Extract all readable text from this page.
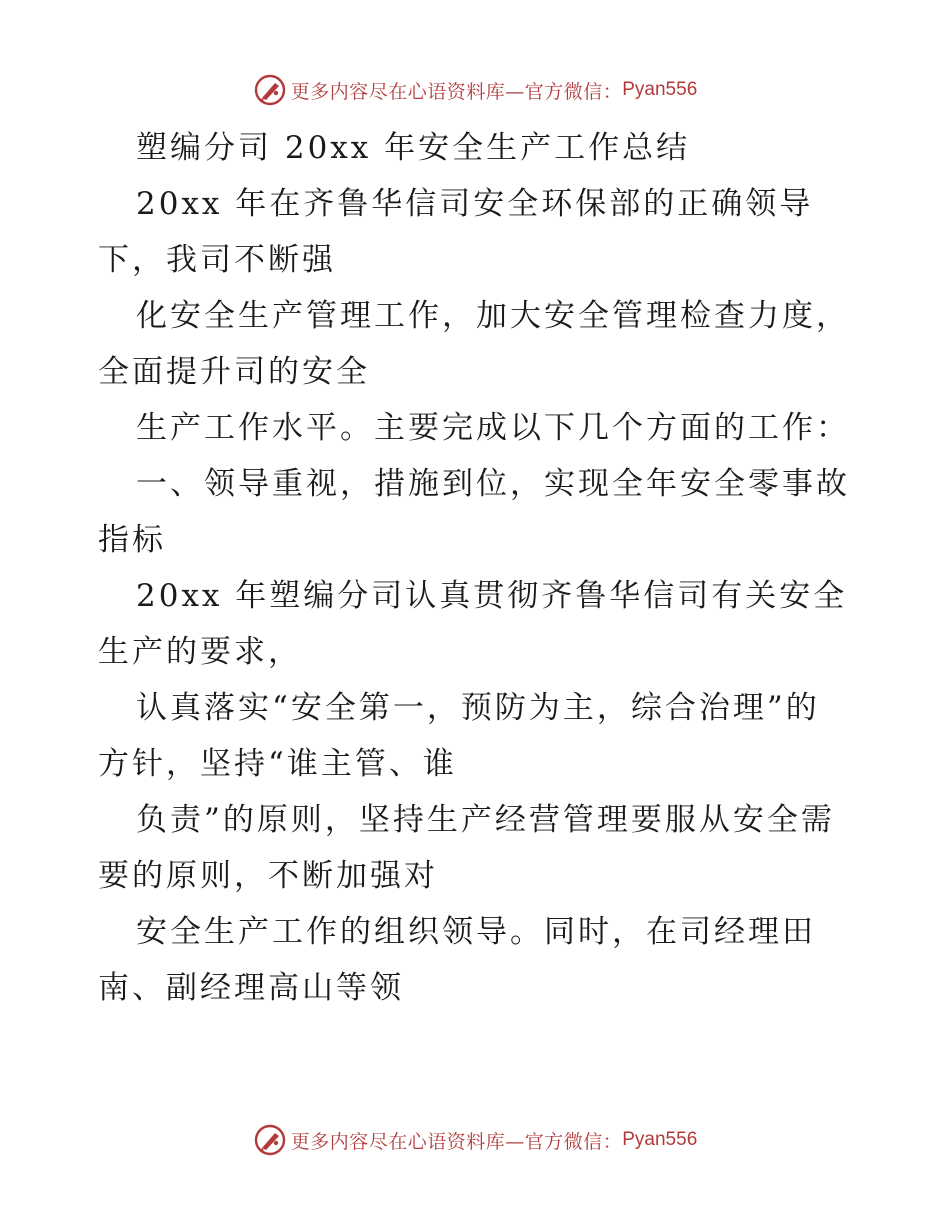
更多内容尽在心语资料库—官方微信： Pyan556
塑编分司 20xx 年安全生产工作总结
20xx 年在齐鲁华信司安全环保部的正确领导
下，我司不断强
化安全生产管理工作，加大安全管理检查力度，
全面提升司的安全
生产工作水平。主要完成以下几个方面的工作：
一、领导重视，措施到位，实现全年安全零事故
指标
20xx 年塑编分司认真贯彻齐鲁华信司有关安全
生产的要求，
认真落实“安全第一，预防为主，综合治理”的
方针，坚持“谁主管、谁
负责”的原则，坚持生产经营管理要服从安全需
要的原则，不断加强对
安全生产工作的组织领导。同时，在司经理田
南、副经理高山等领
更多内容尽在心语资料库—官方微信： Pyan556
